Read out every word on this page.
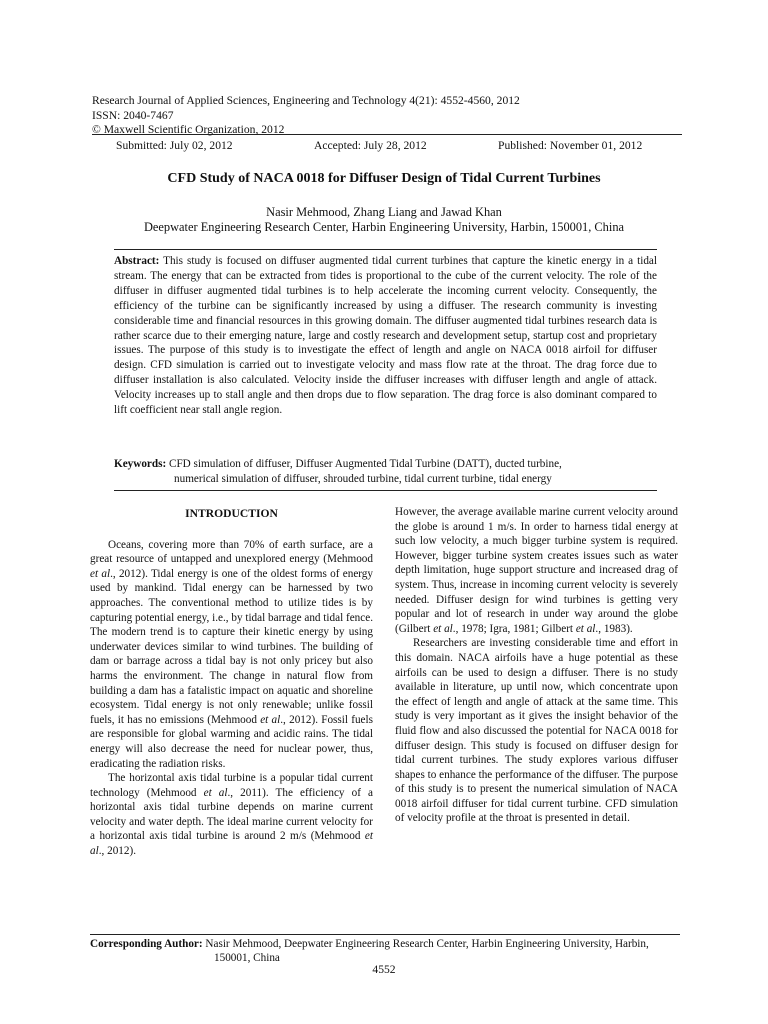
Research Journal of Applied Sciences, Engineering and Technology 4(21): 4552-4560, 2012
ISSN: 2040-7467
© Maxwell Scientific Organization, 2012
Submitted: July 02, 2012	Accepted: July 28, 2012	Published: November 01, 2012
CFD Study of NACA 0018 for Diffuser Design of Tidal Current Turbines
Nasir Mehmood, Zhang Liang and Jawad Khan
Deepwater Engineering Research Center, Harbin Engineering University, Harbin, 150001, China
Abstract: This study is focused on diffuser augmented tidal current turbines that capture the kinetic energy in a tidal stream. The energy that can be extracted from tides is proportional to the cube of the current velocity. The role of the diffuser in diffuser augmented tidal turbines is to help accelerate the incoming current velocity. Consequently, the efficiency of the turbine can be significantly increased by using a diffuser. The research community is investing considerable time and financial resources in this growing domain. The diffuser augmented tidal turbines research data is rather scarce due to their emerging nature, large and costly research and development setup, startup cost and proprietary issues. The purpose of this study is to investigate the effect of length and angle on NACA 0018 airfoil for diffuser design. CFD simulation is carried out to investigate velocity and mass flow rate at the throat. The drag force due to diffuser installation is also calculated. Velocity inside the diffuser increases with diffuser length and angle of attack. Velocity increases up to stall angle and then drops due to flow separation. The drag force is also dominant compared to lift coefficient near stall angle region.
Keywords: CFD simulation of diffuser, Diffuser Augmented Tidal Turbine (DATT), ducted turbine,
numerical simulation of diffuser, shrouded turbine, tidal current turbine, tidal energy

INTRODUCTION

Oceans, covering more than 70% of earth surface, are a great resource of untapped and unexplored energy (Mehmood et al., 2012). Tidal energy is one of the oldest forms of energy used by mankind. Tidal energy can be harnessed by two approaches. The conventional method to utilize tides is by capturing potential energy, i.e., by tidal barrage and tidal fence. The modern trend is to capture their kinetic energy by using underwater devices similar to wind turbines. The building of dam or barrage across a tidal bay is not only pricey but also harms the environment. The change in natural flow from building a dam has a fatalistic impact on aquatic and shoreline ecosystem. Tidal energy is not only renewable; unlike fossil fuels, it has no emissions (Mehmood et al., 2012). Fossil fuels are responsible for global warming and acidic rains. The tidal energy will also decrease the need for nuclear power, thus, eradicating the radiation risks.

The horizontal axis tidal turbine is a popular tidal current technology (Mehmood et al., 2011). The efficiency of a horizontal axis tidal turbine depends on marine current velocity and water depth. The ideal marine current velocity for a horizontal axis tidal turbine is around 2 m/s (Mehmood et al., 2012).

However, the average available marine current velocity around the globe is around 1 m/s. In order to harness tidal energy at such low velocity, a much bigger turbine system is required. However, bigger turbine system creates issues such as water depth limitation, huge support structure and increased drag of system. Thus, increase in incoming current velocity is severely needed. Diffuser design for wind turbines is getting very popular and lot of research in under way around the globe (Gilbert et al., 1978; Igra, 1981; Gilbert et al., 1983).

Researchers are investing considerable time and effort in this domain. NACA airfoils have a huge potential as these airfoils can be used to design a diffuser. There is no study available in literature, up until now, which concentrate upon the effect of length and angle of attack at the same time. This study is very important as it gives the insight behavior of the fluid flow and also discussed the potential for NACA 0018 for diffuser design. This study is focused on diffuser design for tidal current turbines. The study explores various diffuser shapes to enhance the performance of the diffuser. The purpose of this study is to present the numerical simulation of NACA 0018 airfoil diffuser for tidal current turbine. CFD simulation of velocity profile at the throat is presented in detail.

Corresponding Author: Nasir Mehmood, Deepwater Engineering Research Center, Harbin Engineering University, Harbin,
150001, China
4552
